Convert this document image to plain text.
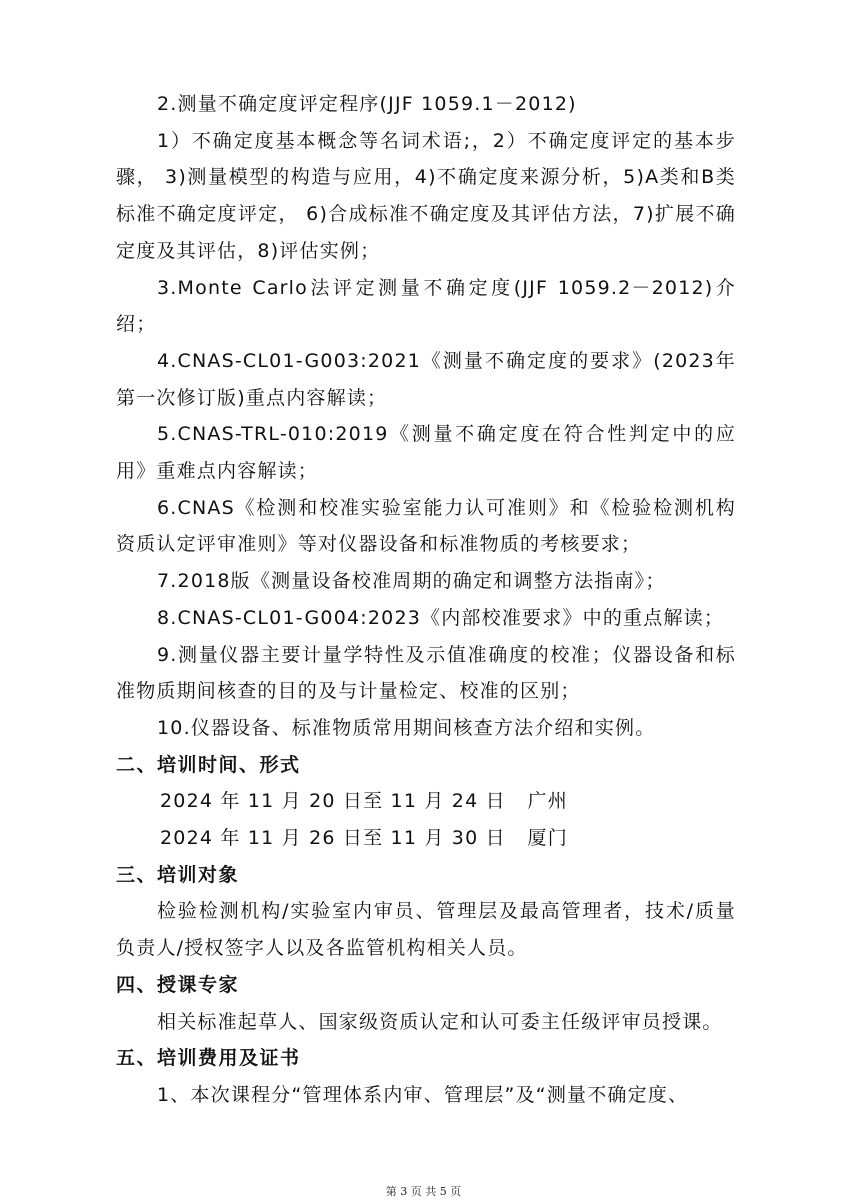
2.测量不确定度评定程序(JJF 1059.1－2012)

1）不确定度基本概念等名词术语;，2）不确定度评定的基本步骤， 3)测量模型的构造与应用，4)不确定度来源分析，5)A类和B类标准不确定度评定， 6)合成标准不确定度及其评估方法，7)扩展不确定度及其评估，8)评估实例；

3.Monte Carlo法评定测量不确定度(JJF 1059.2－2012)介绍；

4.CNAS-CL01-G003:2021《测量不确定度的要求》(2023年第一次修订版)重点内容解读；

5.CNAS-TRL-010:2019《测量不确定度在符合性判定中的应用》重难点内容解读；

6.CNAS《检测和校准实验室能力认可准则》和《检验检测机构资质认定评审准则》等对仪器设备和标准物质的考核要求；

7.2018版《测量设备校准周期的确定和调整方法指南》；

8.CNAS-CL01-G004:2023《内部校准要求》中的重点解读；

9.测量仪器主要计量学特性及示值准确度的校准；仪器设备和标准物质期间核查的目的及与计量检定、校准的区别；

10.仪器设备、标准物质常用期间核查方法介绍和实例。

二、培训时间、形式

2024 年 11 月 20 日至 11 月 24 日   广州

2024 年 11 月 26 日至 11 月 30 日   厦门

三、培训对象

检验检测机构/实验室内审员、管理层及最高管理者，技术/质量负责人/授权签字人以及各监管机构相关人员。

四、授课专家

相关标准起草人、国家级资质认定和认可委主任级评审员授课。

五、培训费用及证书

1、本次课程分“管理体系内审、管理层”及“测量不确定度、

第 3 页 共 5 页
